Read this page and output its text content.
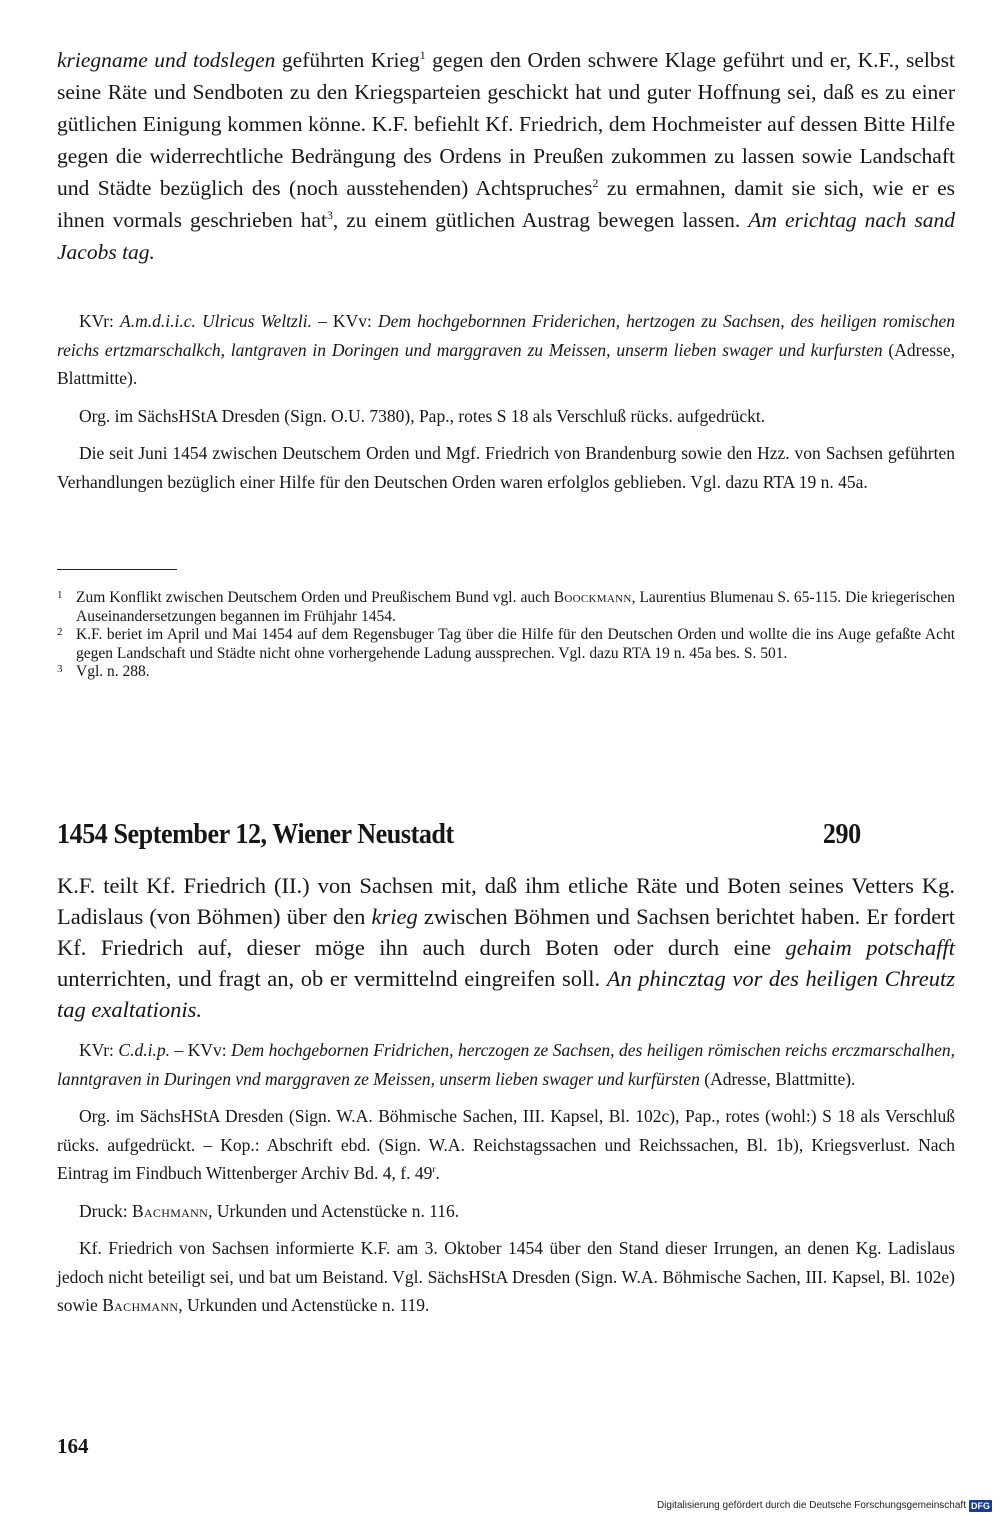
kriegname und todslegen geführten Krieg$^1$ gegen den Orden schwere Klage geführt und er, K.F., selbst seine Räte und Sendboten zu den Kriegsparteien geschickt hat und guter Hoffnung sei, daß es zu einer gütlichen Einigung kommen könne. K.F. befiehlt Kf. Friedrich, dem Hochmeister auf dessen Bitte Hilfe gegen die widerrechtliche Bedrängung des Ordens in Preußen zukommen zu lassen sowie Landschaft und Städte bezüglich des (noch ausstehenden) Achtspruches$^2$ zu ermahnen, damit sie sich, wie er es ihnen vormals geschrieben hat$^3$, zu einem gütlichen Austrag bewegen lassen. Am erichtag nach sand Jacobs tag.

KVr: A.m.d.i.i.c. Ulricus Weltzli. – KVv: Dem hochgebornnen Friderichen, hertzogen zu Sachsen, des heiligen romischen reichs ertzmarschalkch, lantgraven in Doringen und marggraven zu Meissen, unserm lieben swager und kurfursten (Adresse, Blattmitte).

Org. im SächsHStA Dresden (Sign. O.U. 7380), Pap., rotes S 18 als Verschluß rücks. aufgedrückt.

Die seit Juni 1454 zwischen Deutschem Orden und Mgf. Friedrich von Brandenburg sowie den Hzz. von Sachsen geführten Verhandlungen bezüglich einer Hilfe für den Deutschen Orden waren erfolglos geblieben. Vgl. dazu RTA 19 n. 45a.

1 Zum Konflikt zwischen Deutschem Orden und Preußischem Bund vgl. auch Boockmann, Laurentius Blumenau S. 65-115. Die kriegerischen Auseinandersetzungen begannen im Frühjahr 1454.
2 K.F. beriet im April und Mai 1454 auf dem Regensbuger Tag über die Hilfe für den Deutschen Orden und wollte die ins Auge gefaßte Acht gegen Landschaft und Städte nicht ohne vorhergehende Ladung aussprechen. Vgl. dazu RTA 19 n. 45a bes. S. 501.
3 Vgl. n. 288.
1454 September 12, Wiener Neustadt	290

K.F. teilt Kf. Friedrich (II.) von Sachsen mit, daß ihm etliche Räte und Boten seines Vetters Kg. Ladislaus (von Böhmen) über den krieg zwischen Böhmen und Sachsen berichtet haben. Er fordert Kf. Friedrich auf, dieser möge ihn auch durch Boten oder durch eine gehaim potschafft unterrichten, und fragt an, ob er vermittelnd eingreifen soll. An phincztag vor des heiligen Chreutz tag exaltationis.

KVr: C.d.i.p. – KVv: Dem hochgebornen Fridrichen, herczogen ze Sachsen, des heiligen römischen reichs erczmarschalhen, lanntgraven in Duringen vnd marggraven ze Meissen, unserm lieben swager und kurfürsten (Adresse, Blattmitte).

Org. im SächsHStA Dresden (Sign. W.A. Böhmische Sachen, III. Kapsel, Bl. 102c), Pap., rotes (wohl:) S 18 als Verschluß rücks. aufgedrückt. – Kop.: Abschrift ebd. (Sign. W.A. Reichstagssachen und Reichssachen, Bl. 1b), Kriegsverlust. Nach Eintrag im Findbuch Wittenberger Archiv Bd. 4, f. 49$^r$.

Druck: Bachmann, Urkunden und Actenstücke n. 116.

Kf. Friedrich von Sachsen informierte K.F. am 3. Oktober 1454 über den Stand dieser Irrungen, an denen Kg. Ladislaus jedoch nicht beteiligt sei, und bat um Beistand. Vgl. SächsHStA Dresden (Sign. W.A. Böhmische Sachen, III. Kapsel, Bl. 102e) sowie Bachmann, Urkunden und Actenstücke n. 119.

164
Digitalisierung gefördert durch die Deutsche Forschungsgemeinschaft DFG
